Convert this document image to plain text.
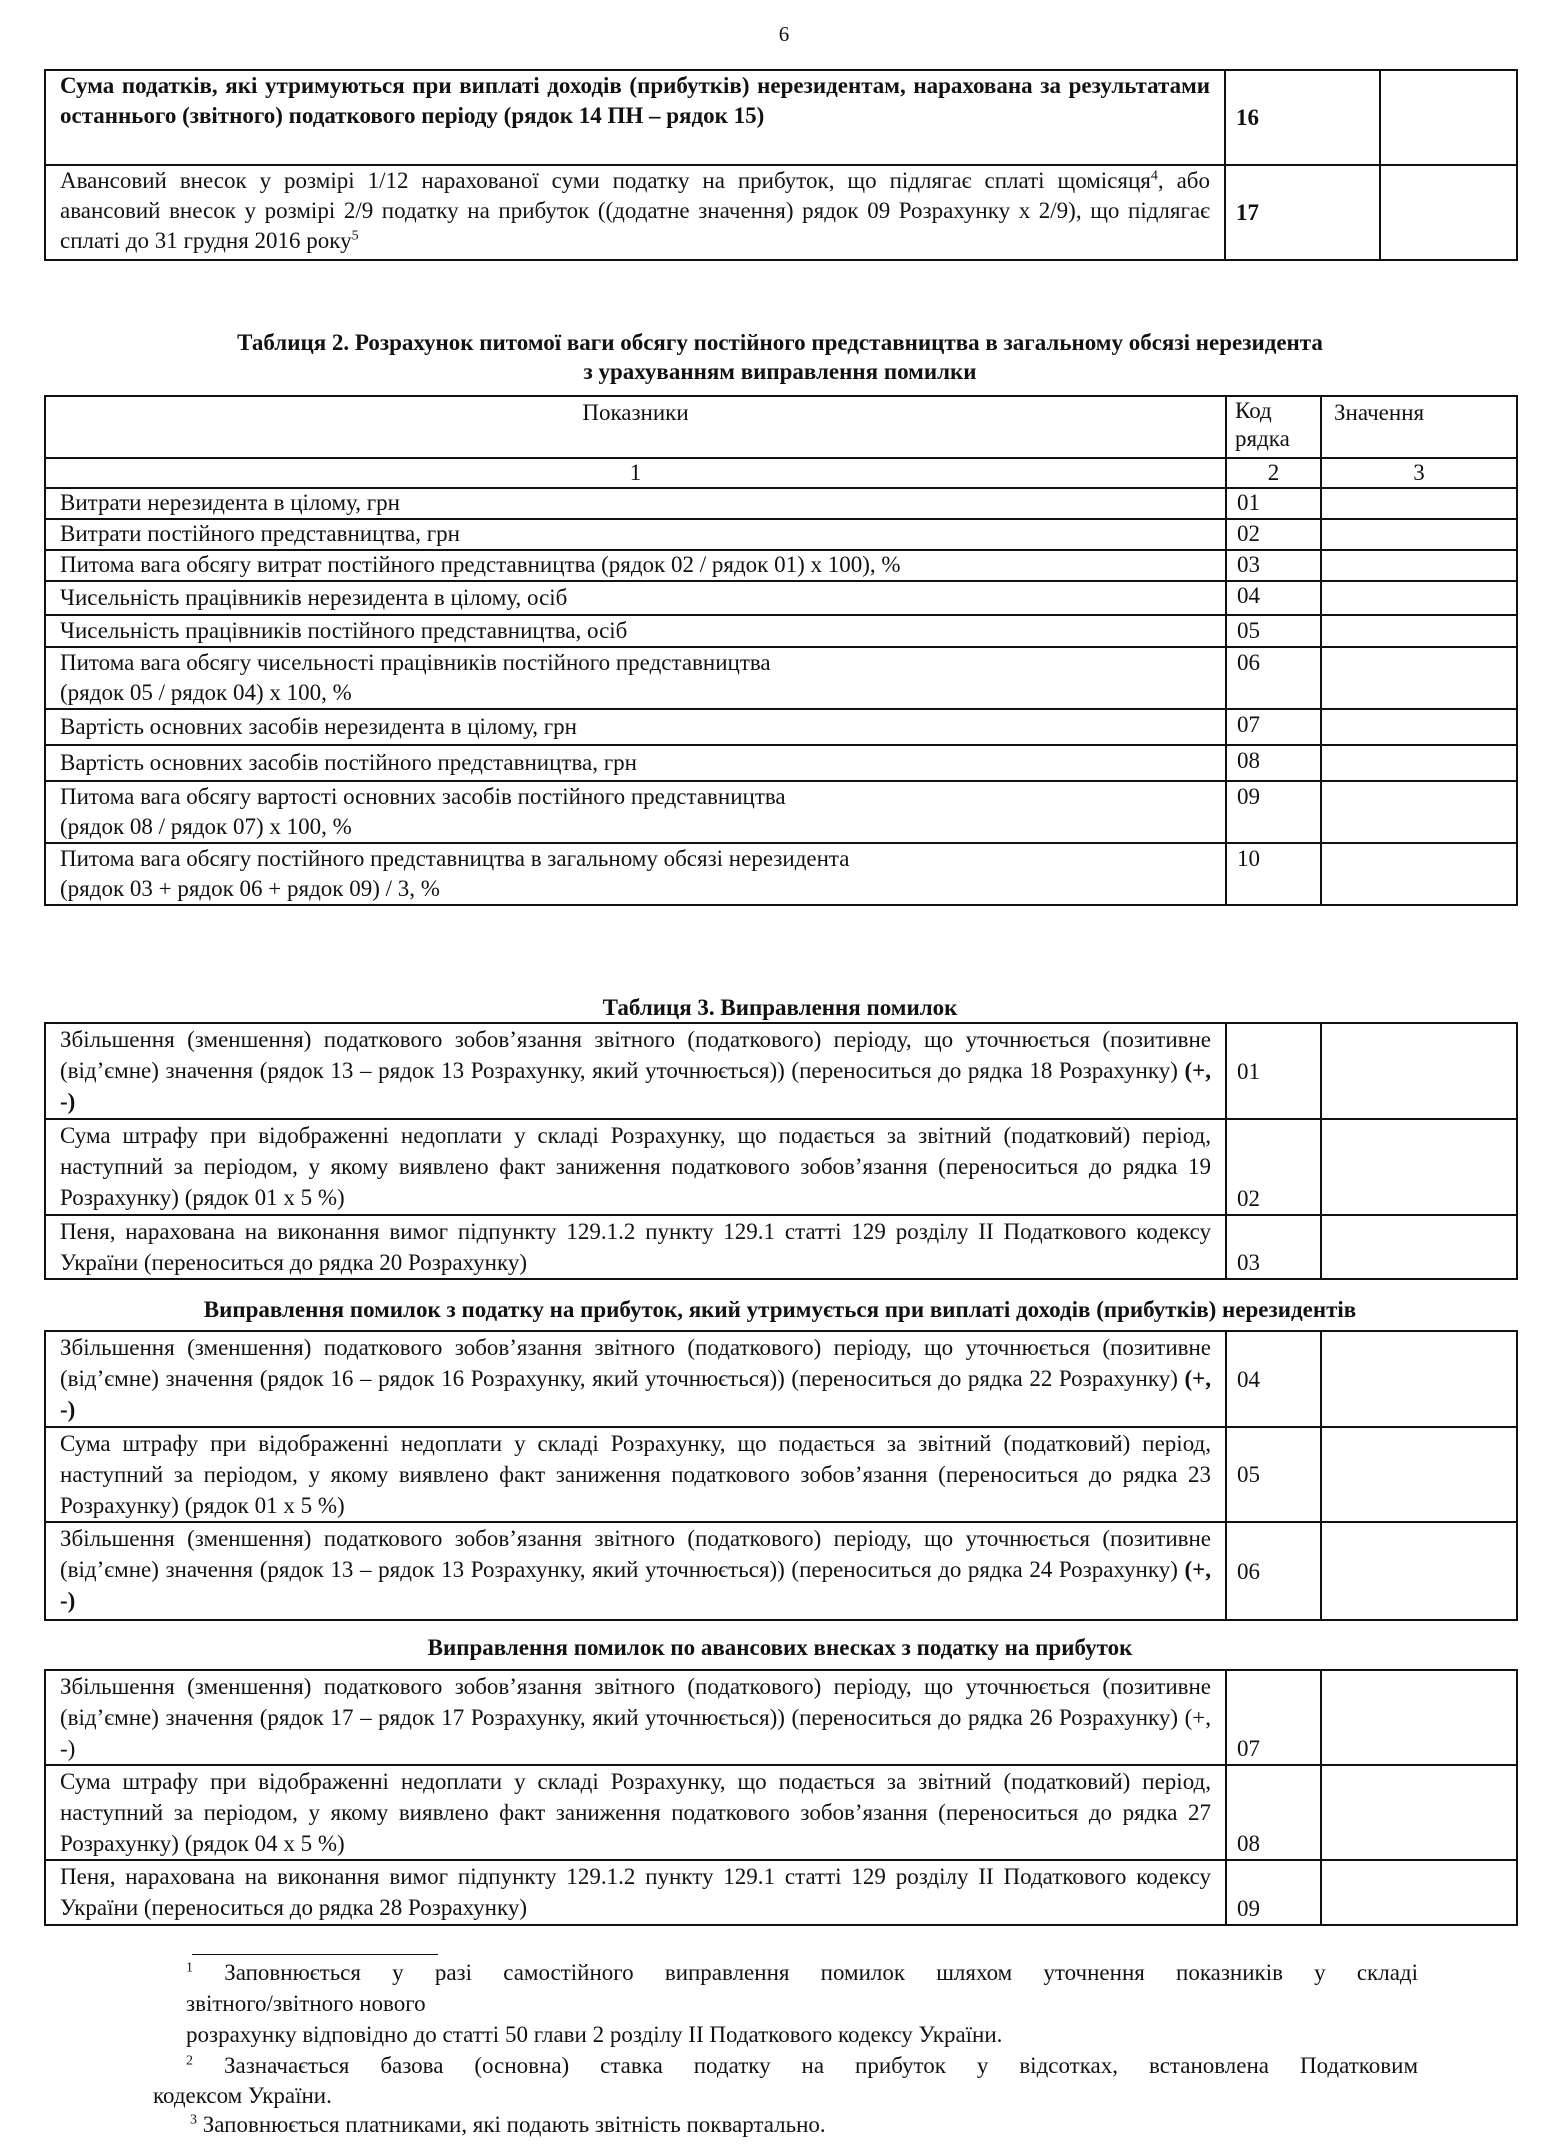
6
Сума податків, які утримуються при виплаті доходів (прибутків) нерезидентам, нарахована за результатами останнього (звітного) податкового періоду (рядок 14 ПН – рядок 15)	16	
Авансовий внесок у розмірі 1/12 нарахованої суми податку на прибуток, що підлягає сплаті щомісяця$^4$, або авансовий внесок у розмірі 2/9 податку на прибуток ((додатне значення) рядок 09 Розрахунку х 2/9), що підлягає сплаті до 31 грудня 2016 року$^5$	17	
Таблиця 2. Розрахунок питомої ваги обсягу постійного представництва в загальному обсязі нерезидента
з урахуванням виправлення помилки
Показники	Код рядка	Значення
1	2	3
Витрати нерезидента в цілому, грн	01	
Витрати постійного представництва, грн	02	
Питома вага обсягу витрат постійного представництва (рядок 02 / рядок 01) х 100), %	03	
Чисельність працівників нерезидента в цілому, осіб	04	
Чисельність працівників постійного представництва, осіб	05	
Питома вага обсягу чисельності працівників постійного представництва
(рядок 05 / рядок 04) х 100, %	06	
Вартість основних засобів нерезидента в цілому, грн	07	
Вартість основних засобів постійного представництва, грн	08	
Питома вага обсягу вартості основних засобів постійного представництва
(рядок 08 / рядок 07) х 100, %	09	
Питома вага обсягу постійного представництва в загальному обсязі нерезидента
(рядок 03 + рядок 06 + рядок 09) / 3, %	10	
Таблиця 3. Виправлення помилок
Збільшення (зменшення) податкового зобов’язання звітного (податкового) періоду, що уточнюється (позитивне (від’ємне) значення (рядок 13 – рядок 13 Розрахунку, який уточнюється)) (переноситься до рядка 18 Розрахунку) (+, -)	01	
Сума штрафу при відображенні недоплати у складі Розрахунку, що подається за звітний (податковий) період, наступний за періодом, у якому виявлено факт заниження податкового зобов’язання (переноситься до рядка 19 Розрахунку) (рядок 01 х 5 %)	02	
Пеня, нарахована на виконання вимог підпункту 129.1.2 пункту 129.1 статті 129 розділу ІІ Податкового кодексу України (переноситься до рядка 20 Розрахунку)	03	
Виправлення помилок з податку на прибуток, який утримується при виплаті доходів (прибутків) нерезидентів
Збільшення (зменшення) податкового зобов’язання звітного (податкового) періоду, що уточнюється (позитивне (від’ємне) значення (рядок 16 – рядок 16 Розрахунку, який уточнюється)) (переноситься до рядка 22 Розрахунку) (+, -)	04	
Сума штрафу при відображенні недоплати у складі Розрахунку, що подається за звітний (податковий) період, наступний за періодом, у якому виявлено факт заниження податкового зобов’язання (переноситься до рядка 23 Розрахунку) (рядок 01 х 5 %)	05	
Збільшення (зменшення) податкового зобов’язання звітного (податкового) періоду, що уточнюється (позитивне (від’ємне) значення (рядок 13 – рядок 13 Розрахунку, який уточнюється)) (переноситься до рядка 24 Розрахунку) (+, -)	06	
Виправлення помилок по авансових внесках з податку на прибуток
Збільшення (зменшення) податкового зобов’язання звітного (податкового) періоду, що уточнюється (позитивне (від’ємне) значення (рядок 17 – рядок 17 Розрахунку, який уточнюється)) (переноситься до рядка 26 Розрахунку) (+, -)	07	
Сума штрафу при відображенні недоплати у складі Розрахунку, що подається за звітний (податковий) період, наступний за періодом, у якому виявлено факт заниження податкового зобов’язання (переноситься до рядка 27 Розрахунку) (рядок 04 х 5 %)	08	
Пеня, нарахована на виконання вимог підпункту 129.1.2 пункту 129.1 статті 129 розділу ІІ Податкового кодексу України (переноситься до рядка 28 Розрахунку)	09	
$^1$ Заповнюється у разі самостійного виправлення помилок шляхом уточнення показників у складі
звітного/звітного нового
розрахунку відповідно до статті 50 глави 2 розділу ІІ Податкового кодексу України.
$^2$ Зазначається базова (основна) ставка податку на прибуток у відсотках, встановлена Податковим
кодексом України.
$^3$ Заповнюється платниками, які подають звітність поквартально.
